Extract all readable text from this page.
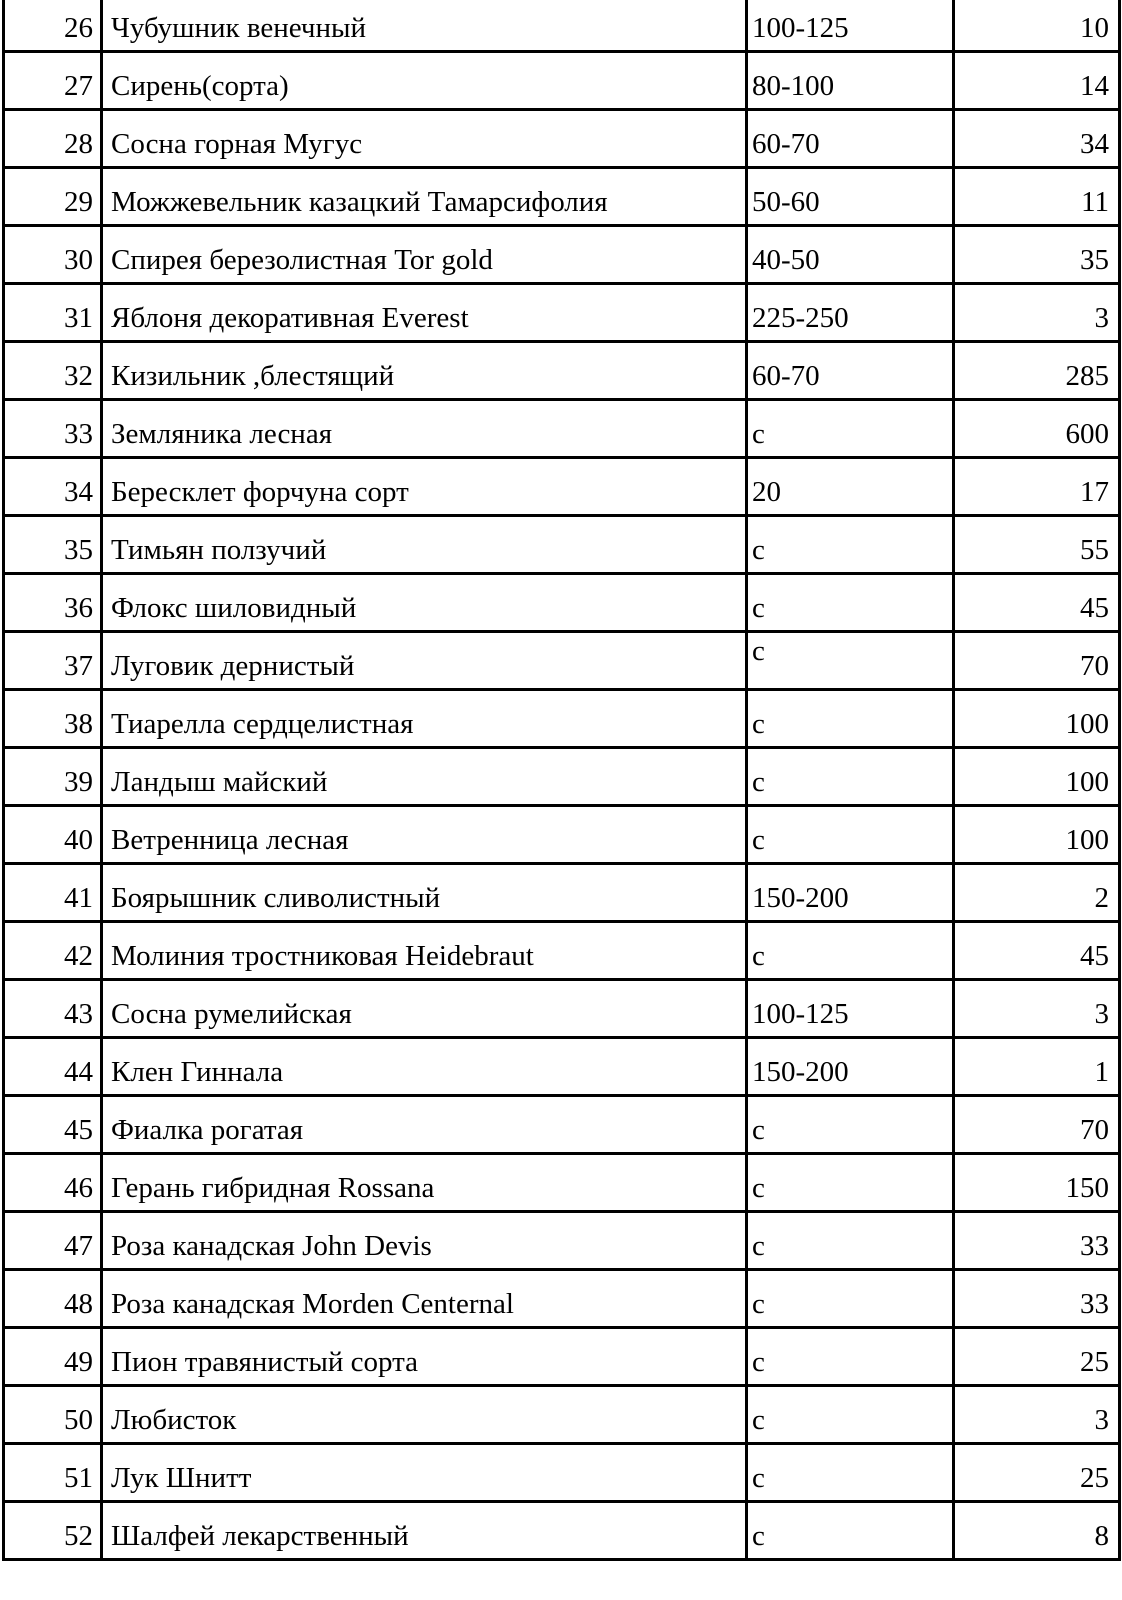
26	Чубушник венечный	100-125	10

27	Сирень(сорта)	80-100	14

28	Сосна горная Мугус	60-70	34

29	Можжевельник казацкий Тамарсифолия	50-60	11

30	Спирея березолистная Tor gold	40-50	35

31	Яблоня декоративная Everest	225-250	3

32	Кизильник ,блестящий	60-70	285

33	Земляника лесная	с	600

34	Бересклет форчуна сорт	20	17

35	Тимьян ползучий	с	55

36	Флокс шиловидный	с	45

37	Луговик дернистый	с	70

38	Тиарелла сердцелистная	с	100

39	Ландыш майский	с	100

40	Ветренница лесная	с	100

41	Боярышник сливолистный	150-200	2

42	Молиния тростниковая Heidebraut	с	45

43	Сосна румелийская	100-125	3

44	Клен Гиннала	150-200	1

45	Фиалка рогатая	с	70

46	Герань гибридная Rossana	с	150

47	Роза канадская John Devis	с	33

48	Роза канадская Morden Centernal	с	33

49	Пион травянистый сорта	с	25

50	Любисток	с	3

51	Лук Шнитт	с	25

52	Шалфей лекарственный	с	8
